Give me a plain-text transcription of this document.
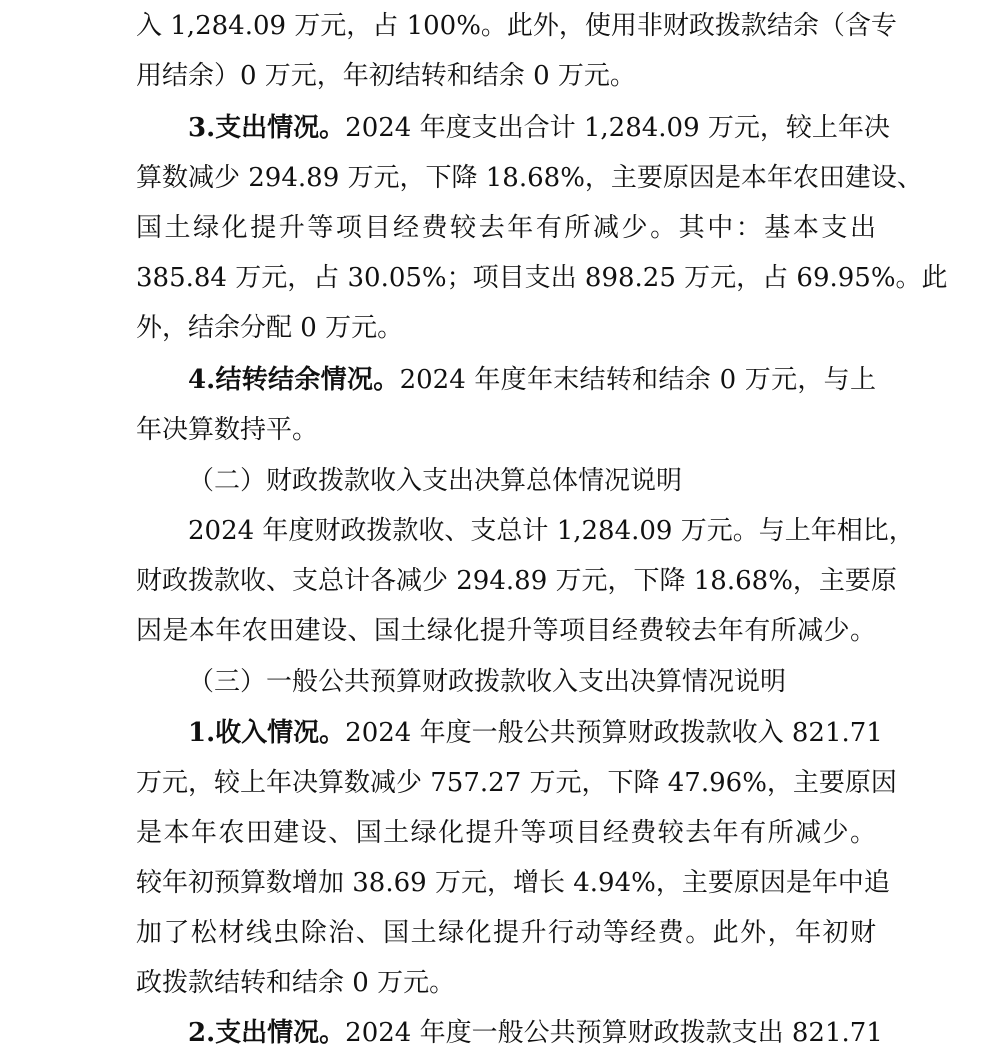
入 1,284.09 万元，占 100%。此外，使用非财政拨款结余（含专
用结余）0 万元，年初结转和结余 0 万元。
3.支出情况。2024 年度支出合计 1,284.09 万元，较上年决
算数减少 294.89 万元，下降 18.68%，主要原因是本年农田建设、
国土绿化提升等项目经费较去年有所减少。其中：基本支出
385.84 万元，占 30.05%；项目支出 898.25 万元，占 69.95%。此
外，结余分配 0 万元。
4.结转结余情况。2024 年度年末结转和结余 0 万元，与上
年决算数持平。
（二）财政拨款收入支出决算总体情况说明
2024 年度财政拨款收、支总计 1,284.09 万元。与上年相比，
财政拨款收、支总计各减少 294.89 万元，下降 18.68%，主要原
因是本年农田建设、国土绿化提升等项目经费较去年有所减少。
（三）一般公共预算财政拨款收入支出决算情况说明
1.收入情况。2024 年度一般公共预算财政拨款收入 821.71
万元，较上年决算数减少 757.27 万元，下降 47.96%，主要原因
是本年农田建设、国土绿化提升等项目经费较去年有所减少。
较年初预算数增加 38.69 万元，增长 4.94%，主要原因是年中追
加了松材线虫除治、国土绿化提升行动等经费。此外，年初财
政拨款结转和结余 0 万元。
2.支出情况。2024 年度一般公共预算财政拨款支出 821.71
